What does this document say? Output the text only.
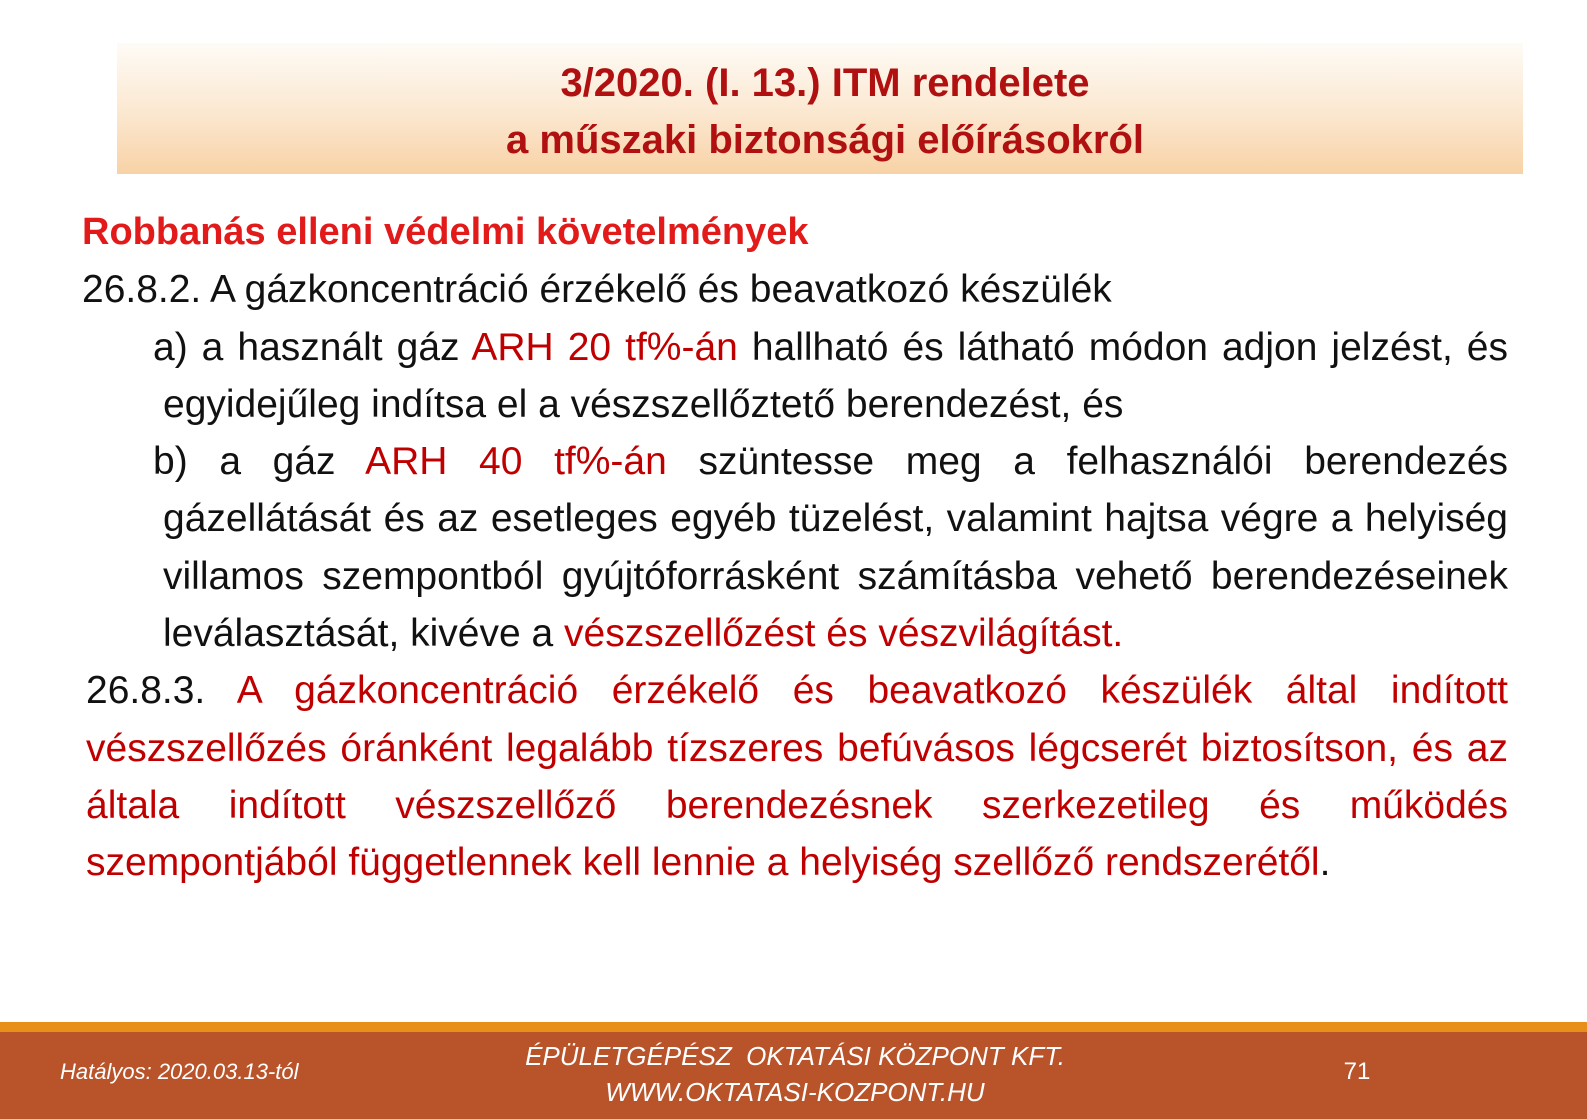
3/2020. (I. 13.) ITM rendelete
a műszaki biztonsági előírásokról

Robbanás elleni védelmi követelmények

26.8.2. A gázkoncentráció érzékelő és beavatkozó készülék

a) a használt gáz ARH 20 tf%-án hallható és látható módon adjon jelzést, és egyidejűleg indítsa el a vészszellőztető berendezést, és

b) a gáz ARH 40 tf%-án szüntesse meg a felhasználói berendezés gázellátását és az esetleges egyéb tüzelést, valamint hajtsa végre a helyiség villamos szempontból gyújtóforrásként számításba vehető berendezéseinek leválasztását, kivéve a vészszellőzést és vészvilágítást.

26.8.3. A gázkoncentráció érzékelő és beavatkozó készülék által indított vészszellőzés óránként legalább tízszeres befúvásos légcserét biztosítson, és az általa indított vészszellőző berendezésnek szerkezetileg és működés szempontjából függetlennek kell lennie a helyiség szellőző rendszerétől.

Hatályos: 2020.03.13-tól
ÉPÜLETGÉPÉSZ  OKTATÁSI KÖZPONT KFT.
WWW.OKTATASI-KOZPONT.HU
71
